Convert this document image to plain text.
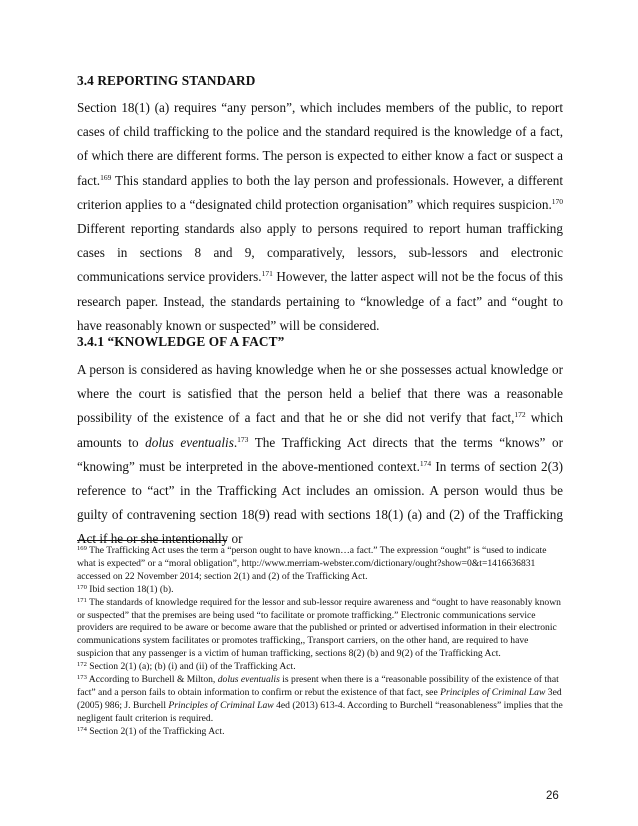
3.4 REPORTING STANDARD

Section 18(1) (a) requires “any person”, which includes members of the public, to report cases of child trafficking to the police and the standard required is the knowledge of a fact, of which there are different forms. The person is expected to either know a fact or suspect a fact.$^{169}$ This standard applies to both the lay person and professionals. However, a different criterion applies to a “designated child protection organisation” which requires suspicion.$^{170}$ Different reporting standards also apply to persons required to report human trafficking cases in sections 8 and 9, comparatively, lessors, sub-lessors and electronic communications service providers.$^{171}$ However, the latter aspect will not be the focus of this research paper. Instead, the standards pertaining to “knowledge of a fact” and “ought to have reasonably known or suspected” will be considered.

3.4.1 “KNOWLEDGE OF A FACT”

A person is considered as having knowledge when he or she possesses actual knowledge or where the court is satisfied that the person held a belief that there was a reasonable possibility of the existence of a fact and that he or she did not verify that fact,$^{172}$ which amounts to dolus eventualis.$^{173}$ The Trafficking Act directs that the terms “knows” or “knowing” must be interpreted in the above-mentioned context.$^{174}$ In terms of section 2(3) reference to “act” in the Trafficking Act includes an omission. A person would thus be guilty of contravening section 18(9) read with sections 18(1) (a) and (2) of the Trafficking Act if he or she intentionally or

$^{169}$ The Trafficking Act uses the term a “person ought to have known…a fact.” The expression “ought” is “used to indicate what is expected” or a “moral obligation”, http://www.merriam-webster.com/dictionary/ought?show=0&t=1416636831 accessed on 22 November 2014; section 2(1) and (2) of the Trafficking Act.

$^{170}$ Ibid section 18(1) (b).

$^{171}$ The standards of knowledge required for the lessor and sub-lessor require awareness and “ought to have reasonably known or suspected” that the premises are being used “to facilitate or promote trafficking.” Electronic communications service providers are required to be aware or become aware that the published or printed or advertised information in their electronic communications system facilitates or promotes trafficking,, Transport carriers, on the other hand, are required to have suspicion that any passenger is a victim of human trafficking, sections 8(2) (b) and 9(2) of the Trafficking Act.

$^{172}$ Section 2(1) (a); (b) (i) and (ii) of the Trafficking Act.

$^{173}$ According to Burchell & Milton, dolus eventualis is present when there is a “reasonable possibility of the existence of that fact” and a person fails to obtain information to confirm or rebut the existence of that fact, see Principles of Criminal Law 3ed (2005) 986; J. Burchell Principles of Criminal Law 4ed (2013) 613-4. According to Burchell “reasonableness” implies that the negligent fault criterion is required.

$^{174}$ Section 2(1) of the Trafficking Act.

26
